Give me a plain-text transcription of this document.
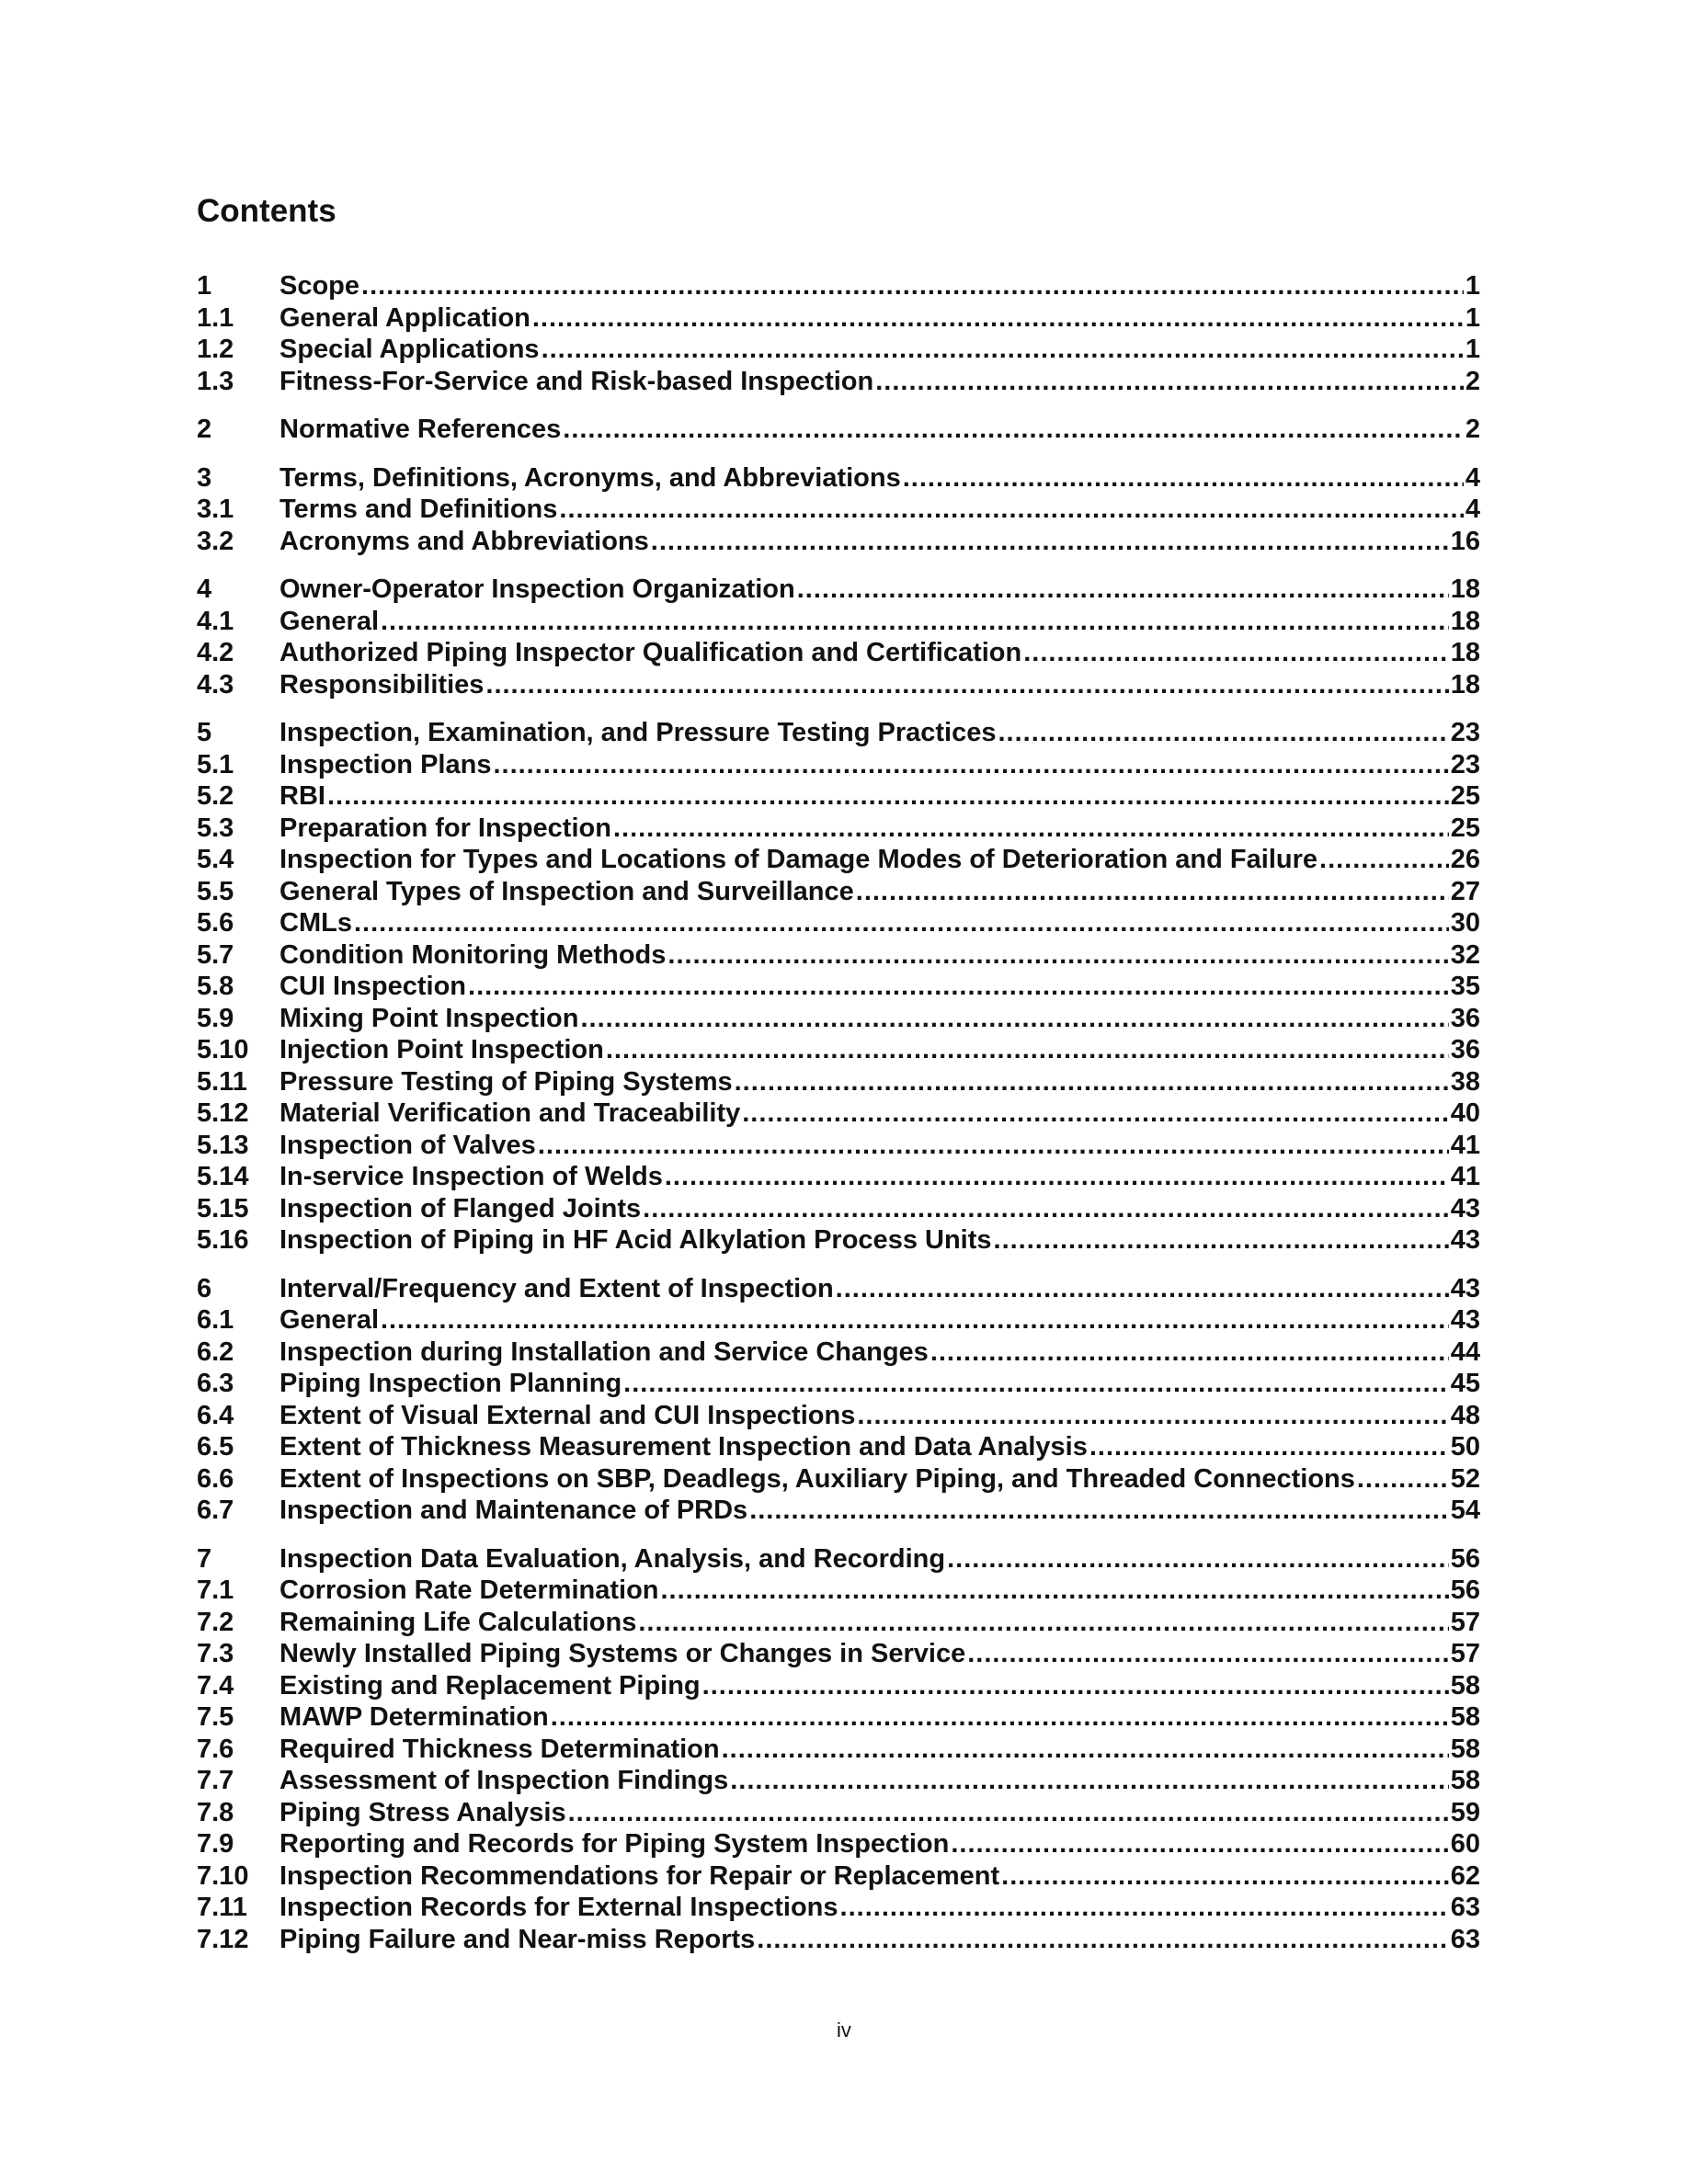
Contents
1	Scope .....	1
1.1	General Application .....	1
1.2	Special Applications .....	1
1.3	Fitness-For-Service and Risk-based Inspection .....	2
2	Normative References .....	2
3	Terms, Definitions, Acronyms, and Abbreviations .....	4
3.1	Terms and Definitions .....	4
3.2	Acronyms and Abbreviations .....	16
4	Owner-Operator Inspection Organization .....	18
4.1	General .....	18
4.2	Authorized Piping Inspector Qualification and Certification .....	18
4.3	Responsibilities .....	18
5	Inspection, Examination, and Pressure Testing Practices .....	23
5.1	Inspection Plans .....	23
5.2	RBI .....	25
5.3	Preparation for Inspection .....	25
5.4	Inspection for Types and Locations of Damage Modes of Deterioration and Failure .....	26
5.5	General Types of Inspection and Surveillance .....	27
5.6	CMLs .....	30
5.7	Condition Monitoring Methods .....	32
5.8	CUI Inspection .....	35
5.9	Mixing Point Inspection .....	36
5.10	Injection Point Inspection .....	36
5.11	Pressure Testing of Piping Systems .....	38
5.12	Material Verification and Traceability .....	40
5.13	Inspection of Valves .....	41
5.14	In-service Inspection of Welds .....	41
5.15	Inspection of Flanged Joints .....	43
5.16	Inspection of Piping in HF Acid Alkylation Process Units .....	43
6	Interval/Frequency and Extent of Inspection .....	43
6.1	General .....	43
6.2	Inspection during Installation and Service Changes .....	44
6.3	Piping Inspection Planning .....	45
6.4	Extent of Visual External and CUI Inspections .....	48
6.5	Extent of Thickness Measurement Inspection and Data Analysis .....	50
6.6	Extent of Inspections on SBP, Deadlegs, Auxiliary Piping, and Threaded Connections .....	52
6.7	Inspection and Maintenance of PRDs .....	54
7	Inspection Data Evaluation, Analysis, and Recording .....	56
7.1	Corrosion Rate Determination .....	56
7.2	Remaining Life Calculations .....	57
7.3	Newly Installed Piping Systems or Changes in Service .....	57
7.4	Existing and Replacement Piping .....	58
7.5	MAWP Determination .....	58
7.6	Required Thickness Determination .....	58
7.7	Assessment of Inspection Findings .....	58
7.8	Piping Stress Analysis .....	59
7.9	Reporting and Records for Piping System Inspection .....	60
7.10	Inspection Recommendations for Repair or Replacement .....	62
7.11	Inspection Records for External Inspections .....	63
7.12	Piping Failure and Near-miss Reports .....	63
iv
